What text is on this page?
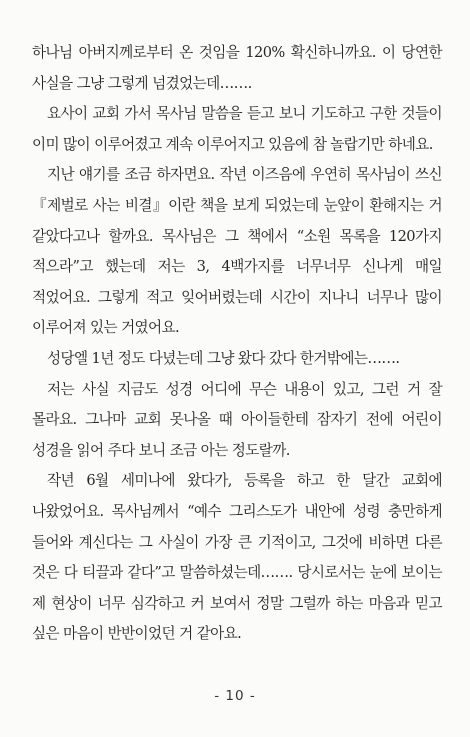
하나님 아버지께로부터 온 것임을 120% 확신하니까요. 이 당연한 사실을 그냥 그렇게 넘겼었는데…….

요사이 교회 가서 목사님 말씀을 듣고 보니 기도하고 구한 것들이 이미 많이 이루어졌고 계속 이루어지고 있음에 참 놀랍기만 하네요.

지난 얘기를 조금 하자면요. 작년 이즈음에 우연히 목사님이 쓰신 『제벌로 사는 비결』이란 책을 보게 되었는데 눈앞이 환해지는 거 같았다고나 할까요. 목사님은 그 책에서 “소원 목록을 120가지 적으라”고 했는데 저는 3, 4백가지를 너무너무 신나게 매일 적었어요. 그렇게 적고 잊어버렸는데 시간이 지나니 너무나 많이 이루어져 있는 거였어요.

성당엘 1년 정도 다녔는데 그냥 왔다 갔다 한거밖에는…….

저는 사실 지금도 성경 어디에 무슨 내용이 있고, 그런 거 잘 몰라요. 그나마 교회 못나올 때 아이들한테 잠자기 전에 어린이 성경을 읽어 주다 보니 조금 아는 정도랄까.

작년 6월 세미나에 왔다가, 등록을 하고 한 달간 교회에 나왔었어요. 목사님께서 “예수 그리스도가 내안에 성령 충만하게 들어와 계신다는 그 사실이 가장 큰 기적이고, 그것에 비하면 다른 것은 다 티끌과 같다”고 말씀하셨는데……. 당시로서는 눈에 보이는 제 현상이 너무 심각하고 커 보여서 정말 그럴까 하는 마음과 믿고 싶은 마음이 반반이었던 거 같아요.

- 10 -
